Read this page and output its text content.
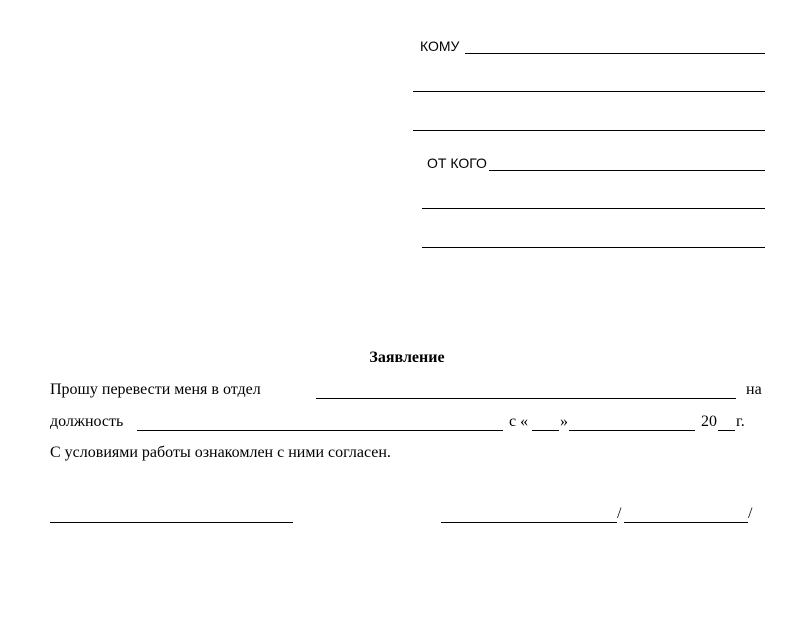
КОМУ
ОТ КОГО
Заявление
Прошу перевести меня в отдел	на
должность	с « »	20 г.
С условиями работы ознакомлен с ними согласен.
/	/
